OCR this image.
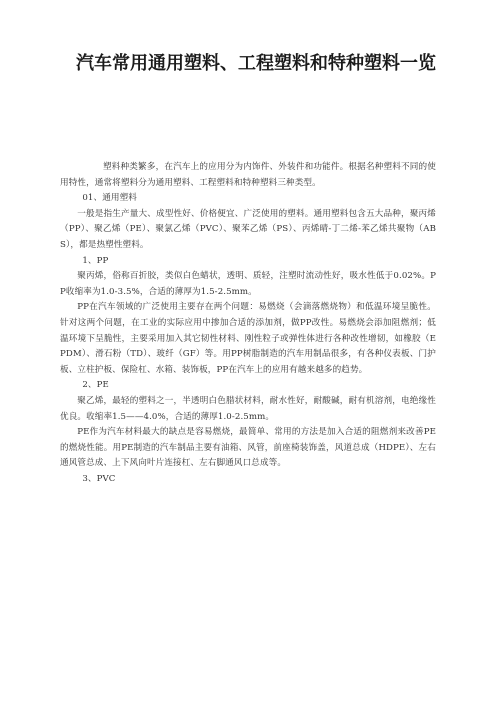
汽车常用通用塑料、工程塑料和特种塑料一览

塑料种类繁多，在汽车上的应用分为内饰件、外装件和功能件。根据名种塑料不同的使用特性，通常将塑料分为通用塑料、工程塑料和特种塑料三种类型。

01、通用塑料

一般是指生产量大、成型性好、价格便宜、广泛使用的塑料。通用塑料包含五大品种，聚丙烯（PP）、聚乙烯（PE）、聚氯乙烯（PVC）、聚苯乙烯（PS）、丙烯晴-丁二烯-苯乙烯共聚物（ABS），都是热塑性塑料。

1、PP

聚丙烯，俗称百折胶，类似白色蜡状，透明、质轻，注塑时流动性好，吸水性低于0.02%。PP收缩率为1.0-3.5%，合适的薄厚为1.5-2.5mm。

PP在汽车领域的广泛使用主要存在两个问题：易燃烧（会滴落燃烧物）和低温环境呈脆性。针对这两个问题，在工业的实际应用中掺加合适的添加剂，做PP改性。易燃烧会添加阻燃剂；低温环境下呈脆性，主要采用加入其它韧性材料、刚性粒子或弹性体进行各种改性增韧，如橡胶（EPDM）、滑石粉（TD）、玻纤（GF）等。用PP树脂制造的汽车用制品很多，有各种仪表板、门护板、立柱护板、保险杠、水箱、装饰板，PP在汽车上的应用有越来越多的趋势。

2、PE

聚乙烯，最轻的塑料之一，半透明白色腊状材料，耐水性好，耐酸碱，耐有机溶剂，电绝缘性优良。收缩率1.5——4.0%，合适的薄厚1.0-2.5mm。

PE作为汽车材料最大的缺点是容易燃烧，最简单、常用的方法是加入合适的阻燃剂来改善PE的燃烧性能。用PE制造的汽车制品主要有油箱、风管，前座椅装饰盖，风道总成（HDPE）、左右通风管总成、上下风向叶片连接杠、左右脚通风口总成等。

3、PVC
